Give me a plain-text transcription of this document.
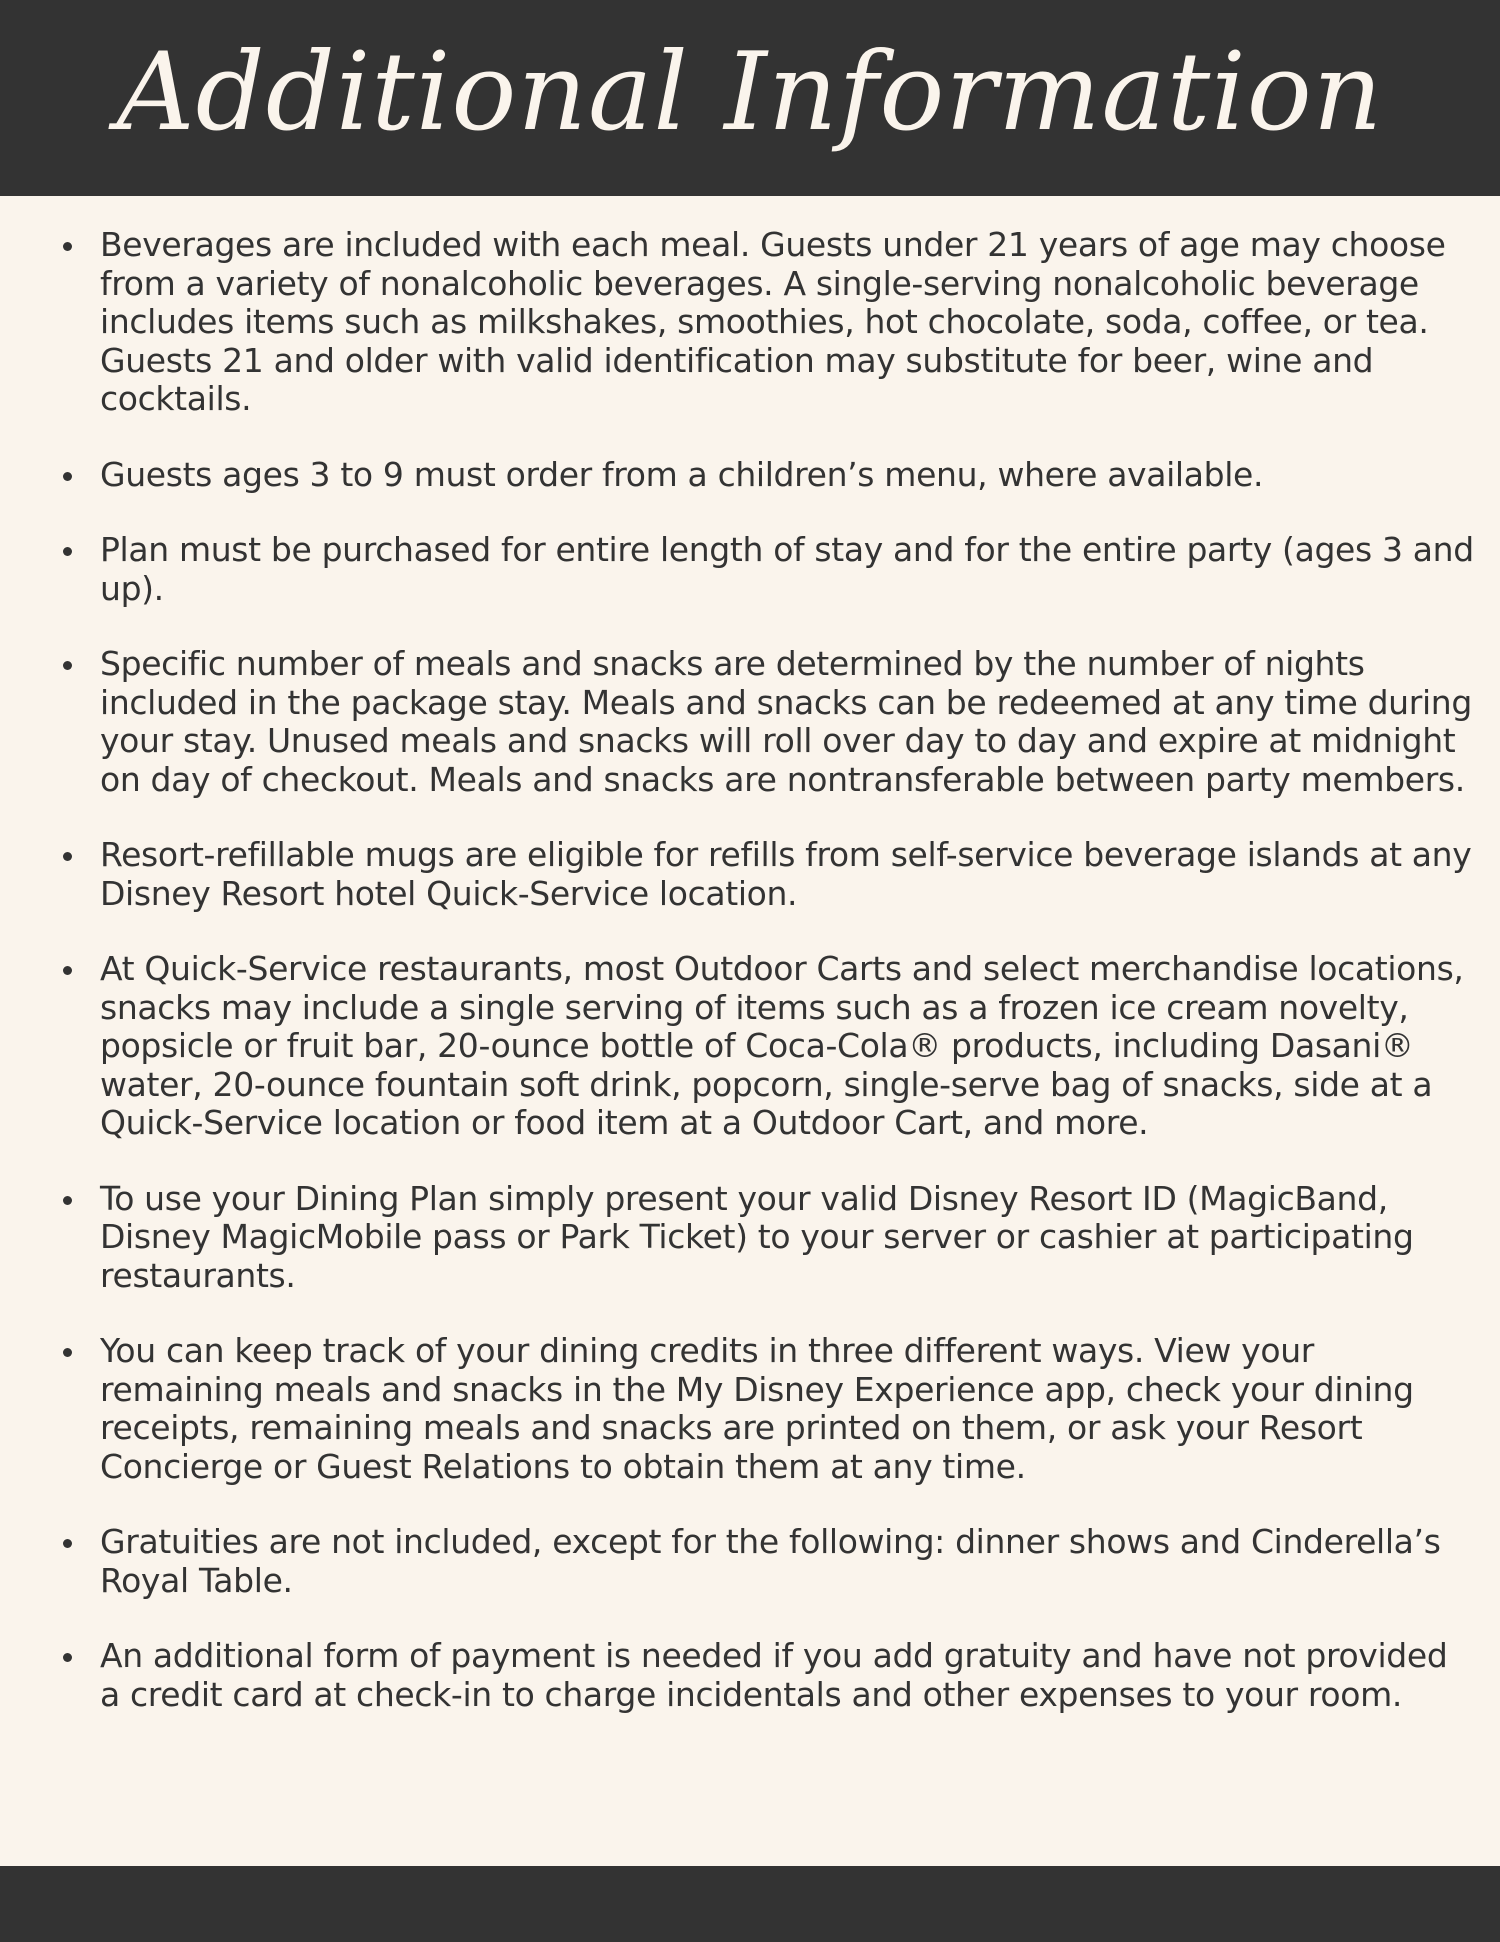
Additional Information
Beverages are included with each meal. Guests under 21 years of age may choose from a variety of nonalcoholic beverages. A single-serving nonalcoholic beverage includes items such as milkshakes, smoothies, hot chocolate, soda, coffee, or tea. Guests 21 and older with valid identification may substitute for beer, wine and cocktails.
Guests ages 3 to 9 must order from a children’s menu, where available.
Plan must be purchased for entire length of stay and for the entire party (ages 3 and up).
Specific number of meals and snacks are determined by the number of nights included in the package stay. Meals and snacks can be redeemed at any time during your stay. Unused meals and snacks will roll over day to day and expire at midnight on day of checkout. Meals and snacks are nontransferable between party members.
Resort-refillable mugs are eligible for refills from self-service beverage islands at any Disney Resort hotel Quick-Service location.
At Quick-Service restaurants, most Outdoor Carts and select merchandise locations, snacks may include a single serving of items such as a frozen ice cream novelty, popsicle or fruit bar, 20-ounce bottle of Coca-Cola® products, including Dasani® water, 20-ounce fountain soft drink, popcorn, single-serve bag of snacks, side at a Quick-Service location or food item at a Outdoor Cart, and more.
To use your Dining Plan simply present your valid Disney Resort ID (MagicBand, Disney MagicMobile pass or Park Ticket) to your server or cashier at participating restaurants.
You can keep track of your dining credits in three different ways. View your remaining meals and snacks in the My Disney Experience app, check your dining receipts, remaining meals and snacks are printed on them, or ask your Resort Concierge or Guest Relations to obtain them at any time.
Gratuities are not included, except for the following: dinner shows and Cinderella’s Royal Table.
An additional form of payment is needed if you add gratuity and have not provided a credit card at check-in to charge incidentals and other expenses to your room.
